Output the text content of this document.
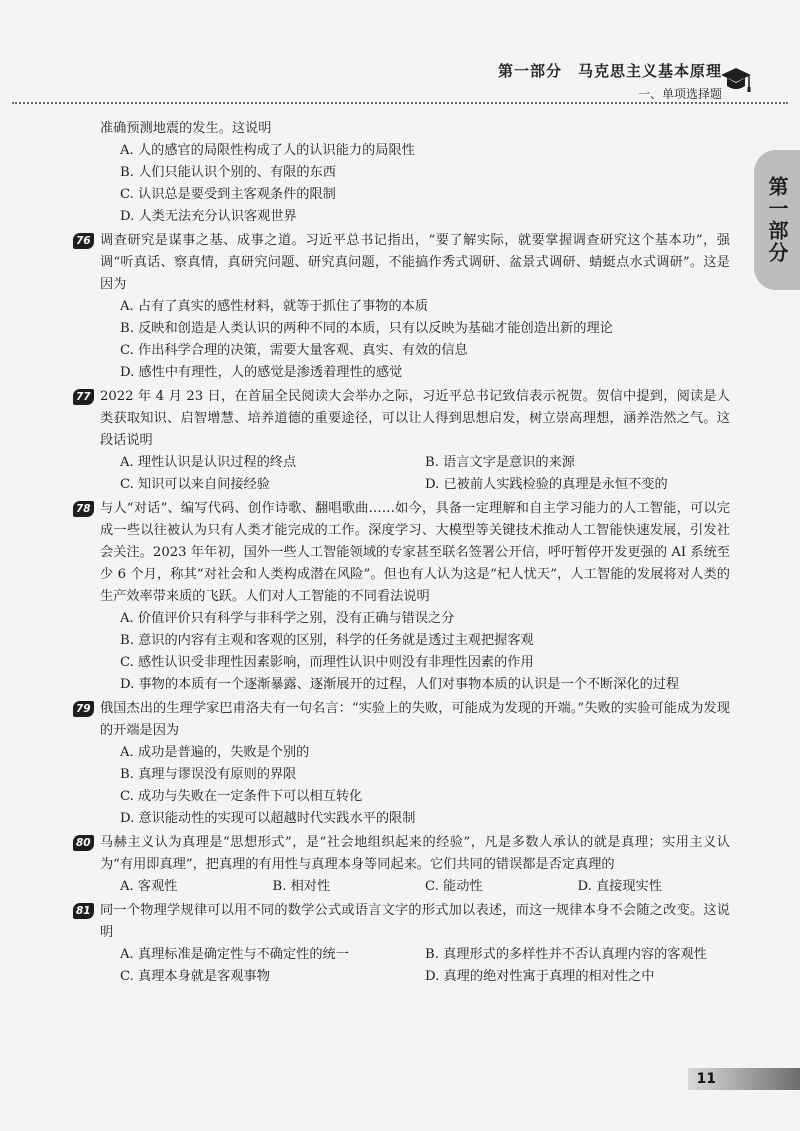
第一部分　马克思主义基本原理
一、单项选择题
第一部分
准确预测地震的发生。这说明
A. 人的感官的局限性构成了人的认识能力的局限性
B. 人们只能认识个别的、有限的东西
C. 认识总是要受到主客观条件的限制
D. 人类无法充分认识客观世界
76 调查研究是谋事之基、成事之道。习近平总书记指出，“要了解实际，就要掌握调查研究这个基本功”，强调“听真话、察真情，真研究问题、研究真问题，不能搞作秀式调研、盆景式调研、蜻蜓点水式调研”。这是因为
A. 占有了真实的感性材料，就等于抓住了事物的本质
B. 反映和创造是人类认识的两种不同的本质，只有以反映为基础才能创造出新的理论
C. 作出科学合理的决策，需要大量客观、真实、有效的信息
D. 感性中有理性，人的感觉是渗透着理性的感觉
77 2022 年 4 月 23 日，在首届全民阅读大会举办之际，习近平总书记致信表示祝贺。贺信中提到，阅读是人类获取知识、启智增慧、培养道德的重要途径，可以让人得到思想启发，树立崇高理想，涵养浩然之气。这段话说明
A. 理性认识是认识过程的终点	B. 语言文字是意识的来源
C. 知识可以来自间接经验	D. 已被前人实践检验的真理是永恒不变的
78 与人“对话”、编写代码、创作诗歌、翻唱歌曲……如今，具备一定理解和自主学习能力的人工智能，可以完成一些以往被认为只有人类才能完成的工作。深度学习、大模型等关键技术推动人工智能快速发展，引发社会关注。2023 年年初，国外一些人工智能领域的专家甚至联名签署公开信，呼吁暂停开发更强的 AI 系统至少 6 个月，称其“对社会和人类构成潜在风险”。但也有人认为这是“杞人忧天”，人工智能的发展将对人类的生产效率带来质的飞跃。人们对人工智能的不同看法说明
A. 价值评价只有科学与非科学之别，没有正确与错误之分
B. 意识的内容有主观和客观的区别，科学的任务就是透过主观把握客观
C. 感性认识受非理性因素影响，而理性认识中则没有非理性因素的作用
D. 事物的本质有一个逐渐暴露、逐渐展开的过程，人们对事物本质的认识是一个不断深化的过程
79 俄国杰出的生理学家巴甫洛夫有一句名言：“实验上的失败，可能成为发现的开端。”失败的实验可能成为发现的开端是因为
A. 成功是普遍的，失败是个别的
B. 真理与谬误没有原则的界限
C. 成功与失败在一定条件下可以相互转化
D. 意识能动性的实现可以超越时代实践水平的限制
80 马赫主义认为真理是“思想形式”，是“社会地组织起来的经验”，凡是多数人承认的就是真理；实用主义认为“有用即真理”，把真理的有用性与真理本身等同起来。它们共同的错误都是否定真理的
A. 客观性	B. 相对性	C. 能动性	D. 直接现实性
81 同一个物理学规律可以用不同的数学公式或语言文字的形式加以表述，而这一规律本身不会随之改变。这说明
A. 真理标准是确定性与不确定性的统一	B. 真理形式的多样性并不否认真理内容的客观性
C. 真理本身就是客观事物	D. 真理的绝对性寓于真理的相对性之中
11
